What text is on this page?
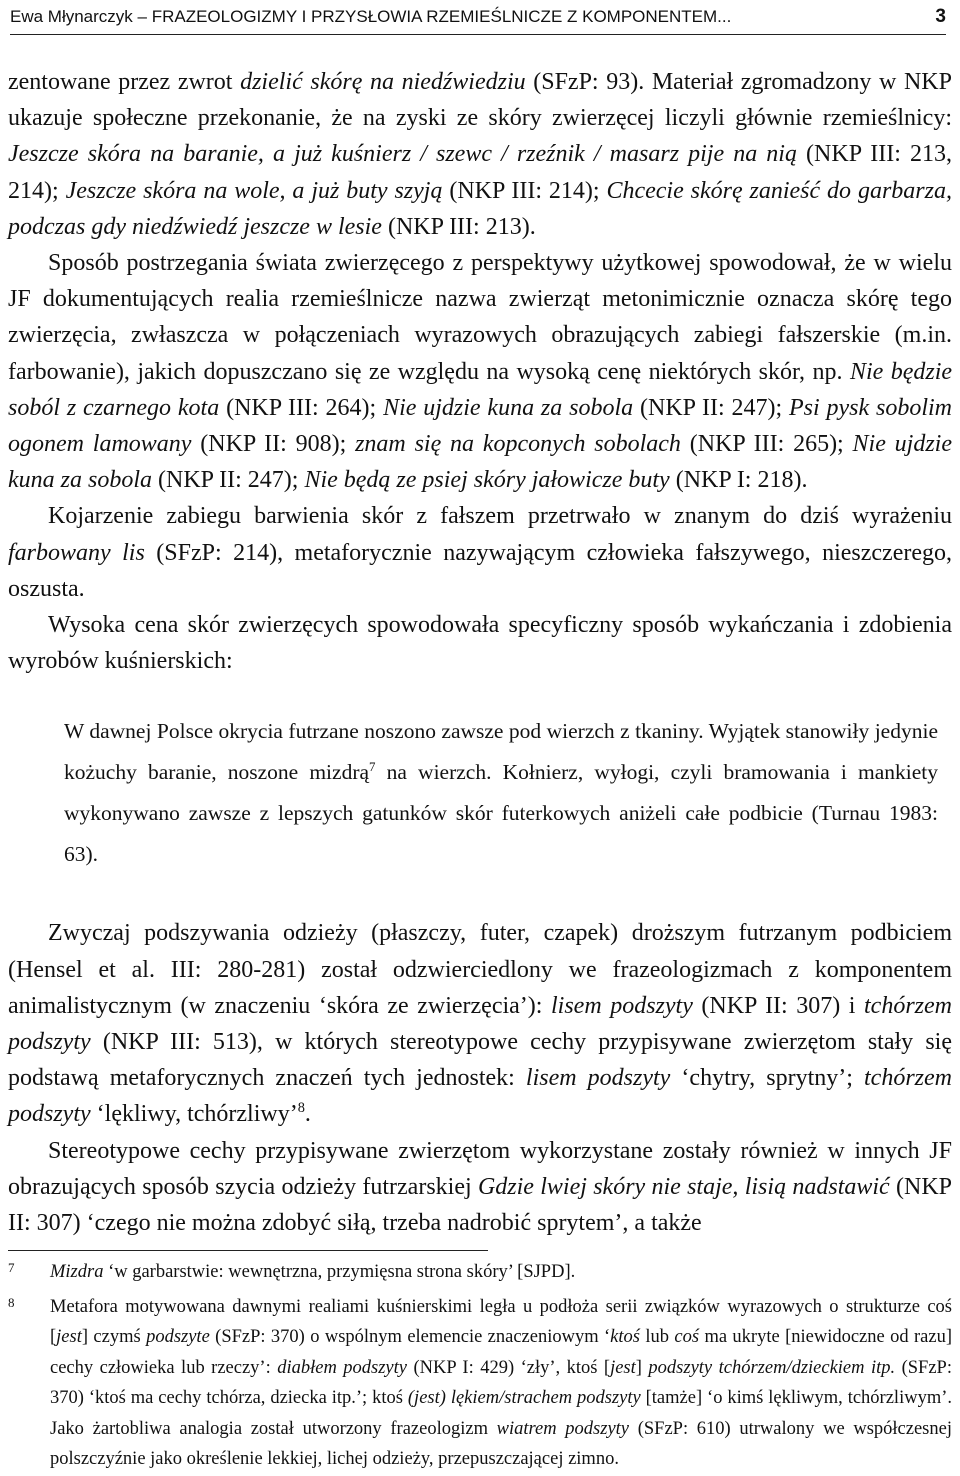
Ewa Młynarczyk – FRAZEOLOGIZMY I PRZYSŁOWIA RZEMIEŚLNICZE Z KOMPONENTEM...	3

zentowane przez zwrot dzielić skórę na niedźwiedziu (SFzP: 93). Materiał zgromadzony w NKP ukazuje społeczne przekonanie, że na zyski ze skóry zwierzęcej liczyli głównie rzemieślnicy: Jeszcze skóra na baranie, a już kuśnierz / szewc / rzeźnik / masarz pije na nią (NKP III: 213, 214); Jeszcze skóra na wole, a już buty szyją (NKP III: 214); Chcecie skórę zanieść do garbarza, podczas gdy niedźwiedź jeszcze w lesie (NKP III: 213).

Sposób postrzegania świata zwierzęcego z perspektywy użytkowej spowodował, że w wielu JF dokumentujących realia rzemieślnicze nazwa zwierząt metonimicznie oznacza skórę tego zwierzęcia, zwłaszcza w połączeniach wyrazowych obrazujących zabiegi fałszerskie (m.in. farbowanie), jakich dopuszczano się ze względu na wysoką cenę niektórych skór, np. Nie będzie soból z czarnego kota (NKP III: 264); Nie ujdzie kuna za sobola (NKP II: 247); Psi pysk sobolim ogonem lamowany (NKP II: 908); znam się na kopconych sobolach (NKP III: 265); Nie ujdzie kuna za sobola (NKP II: 247); Nie będą ze psiej skóry jałowicze buty (NKP I: 218).

Kojarzenie zabiegu barwienia skór z fałszem przetrwało w znanym do dziś wyrażeniu farbowany lis (SFzP: 214), metaforycznie nazywającym człowieka fałszywego, nieszczerego, oszusta.

Wysoka cena skór zwierzęcych spowodowała specyficzny sposób wykańczania i zdobienia wyrobów kuśnierskich:

W dawnej Polsce okrycia futrzane noszono zawsze pod wierzch z tkaniny. Wyjątek stanowiły jedynie kożuchy baranie, noszone mizdrą$^7$ na wierzch. Kołnierz, wyłogi, czyli bramowania i mankiety wykonywano zawsze z lepszych gatunków skór futerkowych aniżeli całe podbicie (Turnau 1983: 63).

Zwyczaj podszywania odzieży (płaszczy, futer, czapek) droższym futrzanym podbiciem (Hensel et al. III: 280-281) został odzwierciedlony we frazeologizmach z komponentem animalistycznym (w znaczeniu ‘skóra ze zwierzęcia’): lisem podszyty (NKP II: 307) i tchórzem podszyty (NKP III: 513), w których stereotypowe cechy przypisywane zwierzętom stały się podstawą metaforycznych znaczeń tych jednostek: lisem podszyty ‘chytry, sprytny’; tchórzem podszyty ‘lękliwy, tchórzliwy’$^8$.

Stereotypowe cechy przypisywane zwierzętom wykorzystane zostały również w innych JF obrazujących sposób szycia odzieży futrzarskiej Gdzie lwiej skóry nie staje, lisią nadstawić (NKP II: 307) ‘czego nie można zdobyć siłą, trzeba nadrobić sprytem’, a także

7 Mizdra ‘w garbarstwie: wewnętrzna, przymięsna strona skóry’ [SJPD].
8 Metafora motywowana dawnymi realiami kuśnierskimi legła u podłoża serii związków wyrazowych o strukturze coś [jest] czymś podszyte (SFzP: 370) o wspólnym elemencie znaczeniowym ‘ktoś lub coś ma ukryte [niewidoczne od razu] cechy człowieka lub rzeczy’: diabłem podszyty (NKP I: 429) ‘zły’, ktoś [jest] podszyty tchórzem/dzieckiem itp. (SFzP: 370) ‘ktoś ma cechy tchórza, dziecka itp.’; ktoś (jest) lękiem/strachem podszyty [tamże] ‘o kimś lękliwym, tchórzliwym’. Jako żartobliwa analogia został utworzony frazeologizm wiatrem podszyty (SFzP: 610) utrwalony we współczesnej polszczyźnie jako określenie lekkiej, lichej odzieży, przepuszczającej zimno.
